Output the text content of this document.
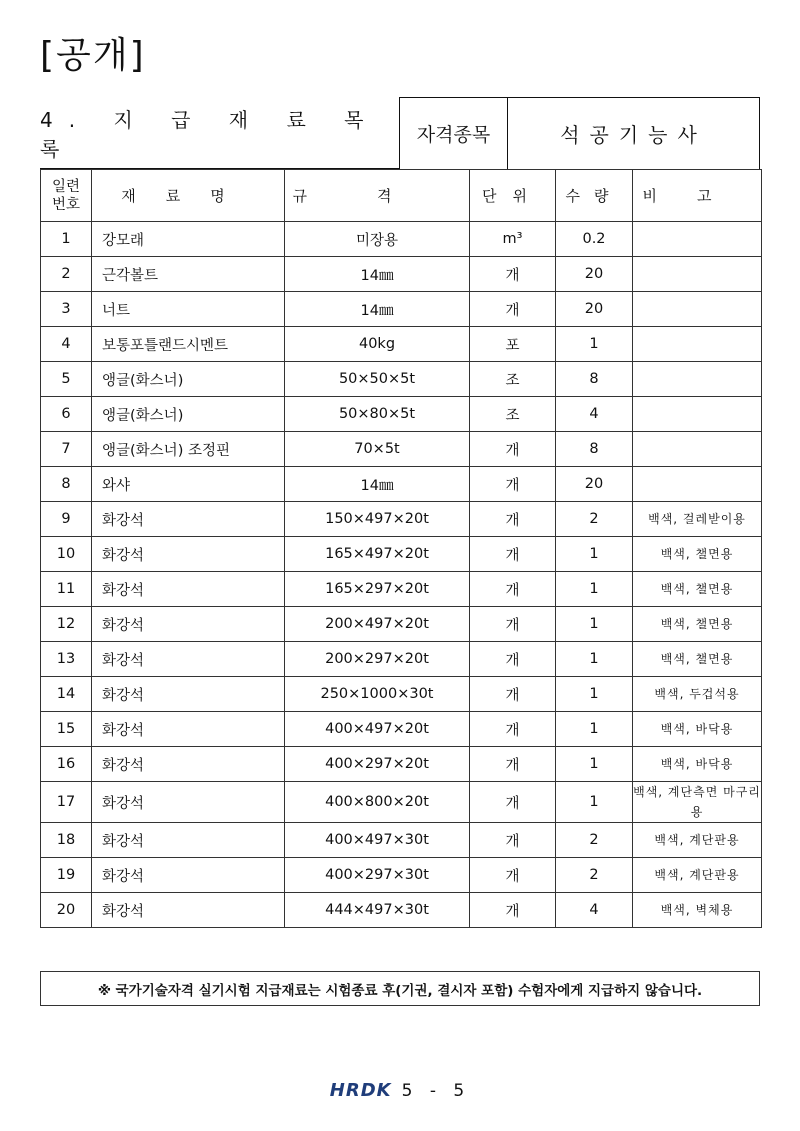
[공개]
4. 지 급 재 료 목 록
자격종목	석공기능사
일련
번호	재료명	규격	단위	수량	비고
1	강모래	미장용	m³	0.2	
2	근각볼트	14㎜	개	20	
3	너트	14㎜	개	20	
4	보통포틀랜드시멘트	40kg	포	1	
5	앵글(화스너)	50×50×5t	조	8	
6	앵글(화스너)	50×80×5t	조	4	
7	앵글(화스너) 조정핀	70×5t	개	8	
8	와샤	14㎜	개	20	
9	화강석	150×497×20t	개	2	백색, 걸레받이용
10	화강석	165×497×20t	개	1	백색, 챌면용
11	화강석	165×297×20t	개	1	백색, 챌면용
12	화강석	200×497×20t	개	1	백색, 챌면용
13	화강석	200×297×20t	개	1	백색, 챌면용
14	화강석	250×1000×30t	개	1	백색, 두겁석용
15	화강석	400×497×20t	개	1	백색, 바닥용
16	화강석	400×297×20t	개	1	백색, 바닥용
17	화강석	400×800×20t	개	1	백색, 계단측면 마구리용
18	화강석	400×497×30t	개	2	백색, 계단판용
19	화강석	400×297×30t	개	2	백색, 계단판용
20	화강석	444×497×30t	개	4	백색, 벽체용
※ 국가기술자격 실기시험 지급재료는 시험종료 후(기권, 결시자 포함) 수험자에게 지급하지 않습니다.
HRDK 5 - 5
